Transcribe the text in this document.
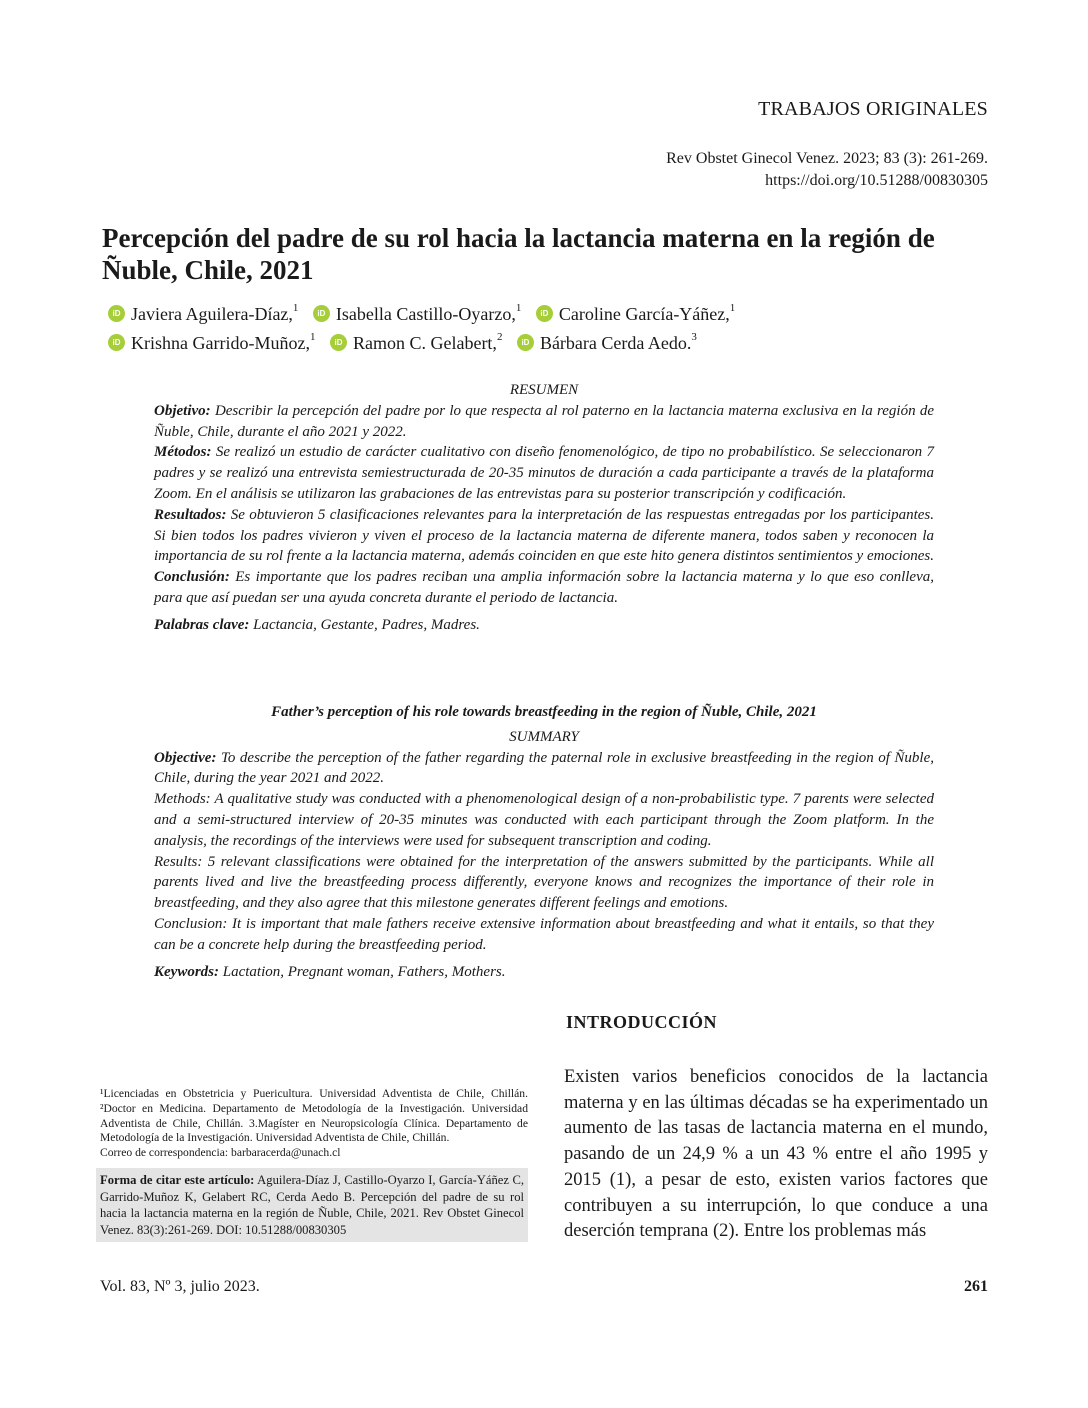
TRABAJOS ORIGINALES
Rev Obstet Ginecol Venez. 2023; 83 (3): 261-269.
https://doi.org/10.51288/00830305
Percepción del padre de su rol hacia la lactancia materna en la región de Ñuble, Chile, 2021
iD Javiera Aguilera-Díaz,$^1$
	iD Isabella Castillo-Oyarzo,$^1$
	iD Caroline García-Yáñez,$^1$
iD Krishna Garrido-Muñoz,$^1$
	iD Ramon C. Gelabert,$^2$
	iD Bárbara Cerda Aedo.$^3$

RESUMEN

Objetivo: Describir la percepción del padre por lo que respecta al rol paterno en la lactancia materna exclusiva en la región de Ñuble, Chile, durante el año 2021 y 2022.

Métodos: Se realizó un estudio de carácter cualitativo con diseño fenomenológico, de tipo no probabilístico. Se seleccionaron 7 padres y se realizó una entrevista semiestructurada de 20-35 minutos de duración a cada participante a través de la plataforma Zoom. En el análisis se utilizaron las grabaciones de las entrevistas para su posterior transcripción y codificación.

Resultados: Se obtuvieron 5 clasificaciones relevantes para la interpretación de las respuestas entregadas por los participantes. Si bien todos los padres vivieron y viven el proceso de la lactancia materna de diferente manera, todos saben y reconocen la importancia de su rol frente a la lactancia materna, además coinciden en que este hito genera distintos sentimientos y emociones.

Conclusión: Es importante que los padres reciban una amplia información sobre la lactancia materna y lo que eso conlleva, para que así puedan ser una ayuda concreta durante el periodo de lactancia.

Palabras clave: Lactancia, Gestante, Padres, Madres.

Father’s perception of his role towards breastfeeding in the region of Ñuble, Chile, 2021

SUMMARY

Objective: To describe the perception of the father regarding the paternal role in exclusive breastfeeding in the region of Ñuble, Chile, during the year 2021 and 2022.

Methods: A qualitative study was conducted with a phenomenological design of a non-probabilistic type. 7 parents were selected and a semi-structured interview of 20-35 minutes was conducted with each participant through the Zoom platform. In the analysis, the recordings of the interviews were used for subsequent transcription and coding.

Results: 5 relevant classifications were obtained for the interpretation of the answers submitted by the participants. While all parents lived and live the breastfeeding process differently, everyone knows and recognizes the importance of their role in breastfeeding, and they also agree that this milestone generates different feelings and emotions.

Conclusion: It is important that male fathers receive extensive information about breastfeeding and what it entails, so that they can be a concrete help during the breastfeeding period.

Keywords: Lactation, Pregnant woman, Fathers, Mothers.

INTRODUCCIÓN

Existen varios beneficios conocidos de la lactancia materna y en las últimas décadas se ha experimentado un aumento de las tasas de lactancia materna en el mundo, pasando de un 24,9 % a un 43 % entre el año 1995 y 2015 (1), a pesar de esto, existen varios factores que contribuyen a su interrupción, lo que conduce a una deserción temprana (2). Entre los problemas más

¹Licenciadas en Obstetricia y Puericultura. Universidad Adventista de Chile, Chillán. ²Doctor en Medicina. Departamento de Metodología de la Investigación. Universidad Adventista de Chile, Chillán. 3.Magíster en Neuropsicología Clínica. Departamento de Metodología de la Investigación. Universidad Adventista de Chile, Chillán.

Correo de correspondencia: barbaracerda@unach.cl

Forma de citar este artículo: Aguilera-Díaz J, Castillo-Oyarzo I, García-Yáñez C, Garrido-Muñoz K, Gelabert RC, Cerda Aedo B. Percepción del padre de su rol hacia la lactancia materna en la región de Ñuble, Chile, 2021. Rev Obstet Ginecol Venez. 83(3):261-269. DOI: 10.51288/00830305
Vol. 83, Nº 3, julio 2023.	261
